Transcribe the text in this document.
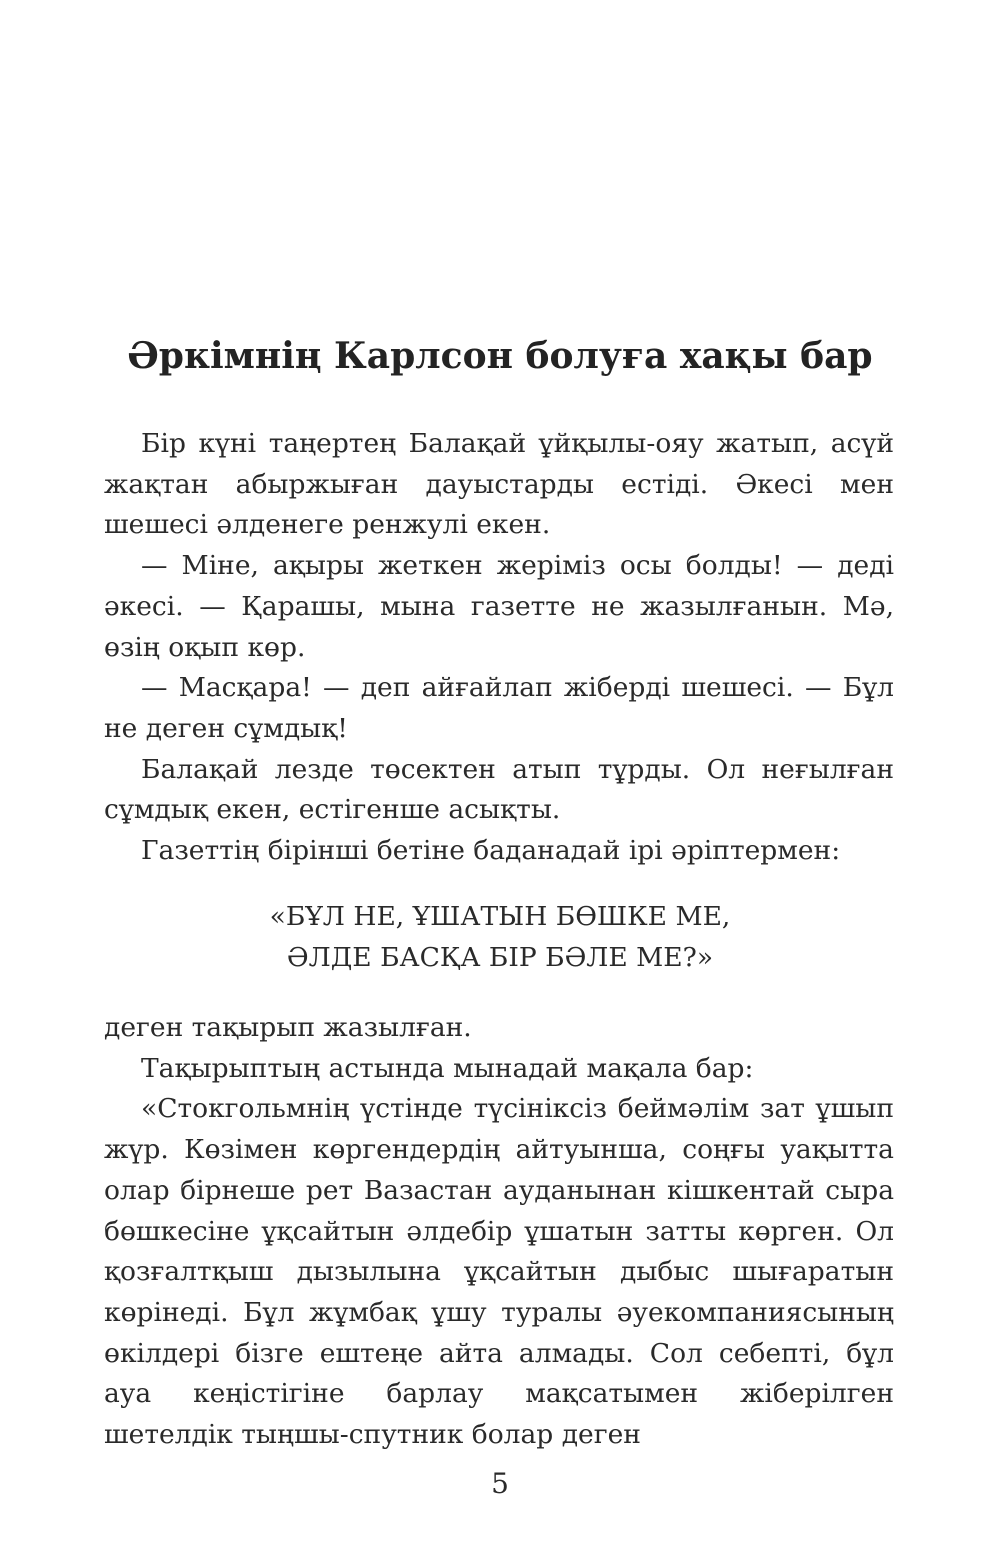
Әркімнің Карлсон болуға хақы бар

Бір күні таңертең Балақай ұйқылы-ояу жатып, асүй жақтан абыржыған дауыстарды естіді. Әкесі мен шешесі әлденеге ренжулі екен.

— Міне, ақыры жеткен жеріміз осы болды! — деді әкесі. — Қарашы, мына газетте не жазылғанын. Мә, өзің оқып көр.

— Масқара! — деп айғайлап жіберді шешесі. — Бұл не деген сұмдық!

Балақай лезде төсектен атып тұрды. Ол неғылған сұмдық екен, естігенше асықты.

Газеттің бірінші бетіне баданадай ірі әріптермен:

«БҰЛ НЕ, ҰШАТЫН БӨШКЕ МЕ,
ӘЛДЕ БАСҚА БІР БӘЛЕ МЕ?»

деген тақырып жазылған.

Тақырыптың астында мынадай мақала бар:

«Стокгольмнің үстінде түсініксіз беймәлім зат ұшып жүр. Көзімен көргендердің айтуынша, соңғы уақытта олар бірнеше рет Вазастан ауданынан кішкентай сыра бөшкесіне ұқсайтын әлдебір ұшатын затты көрген. Ол қозғалтқыш дызылына ұқсайтын дыбыс шығаратын көрінеді. Бұл жұмбақ ұшу туралы әуекомпаниясының өкілдері бізге ештеңе айта алмады. Сол себепті, бұл ауа кеңістігіне барлау мақсатымен жіберілген шетелдік тыңшы-спутник болар деген

5
